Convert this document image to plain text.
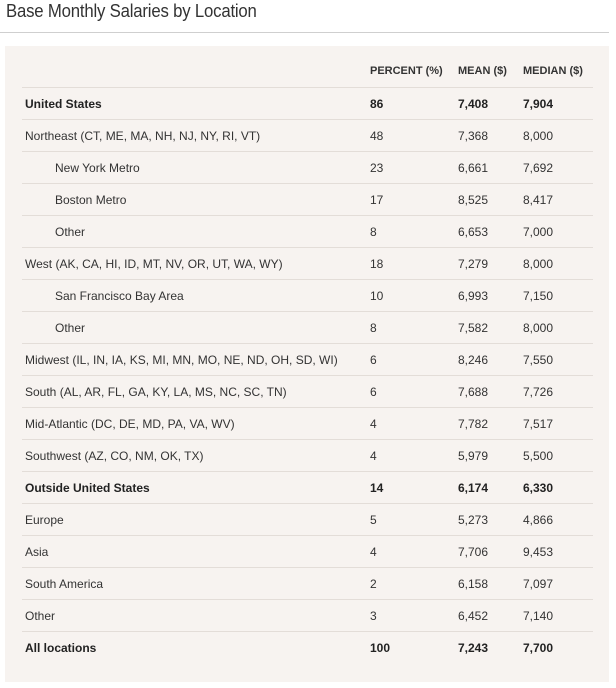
Base Monthly Salaries by Location
	PERCENT (%)	MEAN ($)	MEDIAN ($)
United States	86	7,408	7,904
Northeast (CT, ME, MA, NH, NJ, NY, RI, VT)	48	7,368	8,000
New York Metro	23	6,661	7,692
Boston Metro	17	8,525	8,417
Other	8	6,653	7,000
West (AK, CA, HI, ID, MT, NV, OR, UT, WA, WY)	18	7,279	8,000
San Francisco Bay Area	10	6,993	7,150
Other	8	7,582	8,000
Midwest (IL, IN, IA, KS, MI, MN, MO, NE, ND, OH, SD, WI)	6	8,246	7,550
South (AL, AR, FL, GA, KY, LA, MS, NC, SC, TN)	6	7,688	7,726
Mid-Atlantic (DC, DE, MD, PA, VA, WV)	4	7,782	7,517
Southwest (AZ, CO, NM, OK, TX)	4	5,979	5,500
Outside United States	14	6,174	6,330
Europe	5	5,273	4,866
Asia	4	7,706	9,453
South America	2	6,158	7,097
Other	3	6,452	7,140
All locations	100	7,243	7,700
